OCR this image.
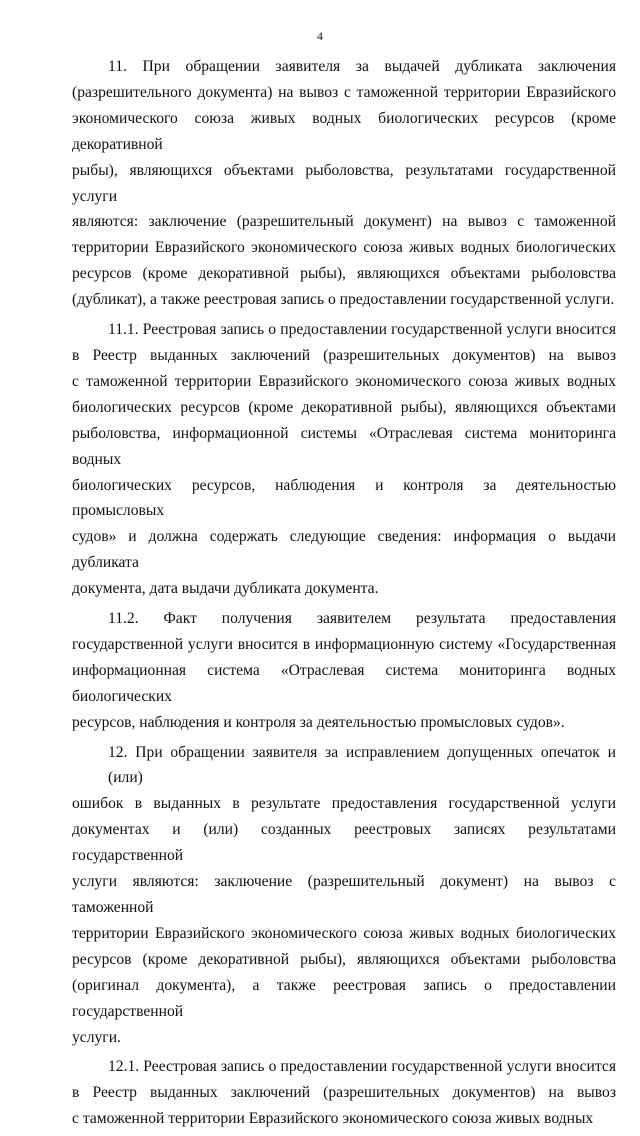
4
11. При обращении заявителя за выдачей дубликата заключения
(разрешительного документа) на вывоз с таможенной территории Евразийского
экономического союза живых водных биологических ресурсов (кроме декоративной
рыбы), являющихся объектами рыболовства, результатами государственной услуги
являются: заключение (разрешительный документ) на вывоз с таможенной
территории Евразийского экономического союза живых водных биологических
ресурсов (кроме декоративной рыбы), являющихся объектами рыболовства
(дубликат), а также реестровая запись о предоставлении государственной услуги.
11.1. Реестровая запись о предоставлении государственной услуги вносится
в Реестр выданных заключений (разрешительных документов) на вывоз
с таможенной территории Евразийского экономического союза живых водных
биологических ресурсов (кроме декоративной рыбы), являющихся объектами
рыболовства, информационной системы «Отраслевая система мониторинга водных
биологических ресурсов, наблюдения и контроля за деятельностью промысловых
судов» и должна содержать следующие сведения: информация о выдачи дубликата
документа, дата выдачи дубликата документа.
11.2. Факт получения заявителем результата предоставления
государственной услуги вносится в информационную систему «Государственная
информационная система «Отраслевая система мониторинга водных биологических
ресурсов, наблюдения и контроля за деятельностью промысловых судов».
12. При обращении заявителя за исправлением допущенных опечаток и (или)
ошибок в выданных в результате предоставления государственной услуги
документах и (или) созданных реестровых записях результатами государственной
услуги являются: заключение (разрешительный документ) на вывоз с таможенной
территории Евразийского экономического союза живых водных биологических
ресурсов (кроме декоративной рыбы), являющихся объектами рыболовства
(оригинал документа), а также реестровая запись о предоставлении государственной
услуги.
12.1. Реестровая запись о предоставлении государственной услуги вносится
в Реестр выданных заключений (разрешительных документов) на вывоз
с таможенной территории Евразийского экономического союза живых водных
